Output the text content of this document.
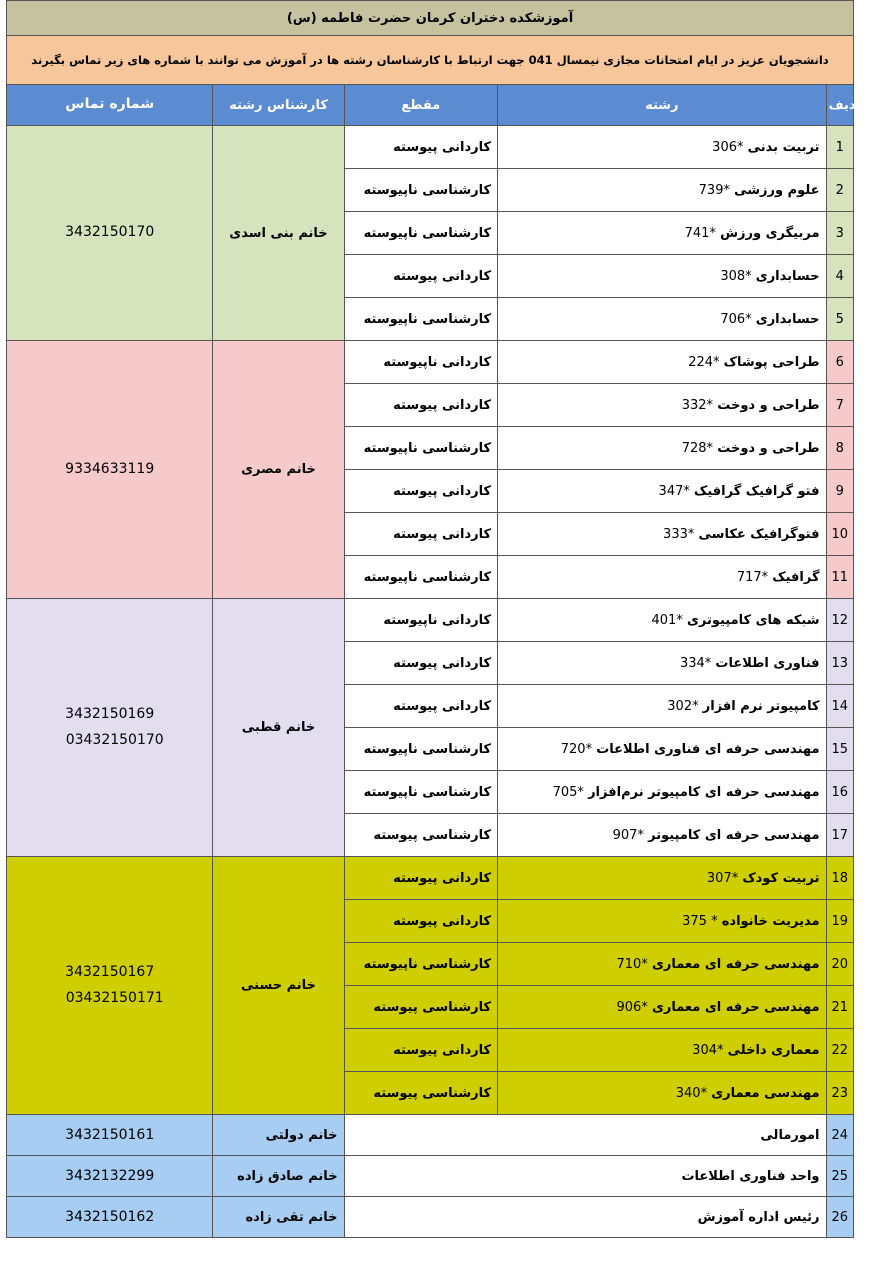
آموزشکده دختران کرمان حضرت فاطمه (س)
دانشجویان عزیز در ایام امتحانات مجازی نیمسال 041 جهت ارتباط با کارشناسان رشته ها در آموزش می توانند با شماره های زیر تماس بگیرند
شماره تماس	کارشناس رشته	مقطع	رشته	ردیف

3432150170	خانم بنی اسدی	کاردانی پیوسته	تربیت بدنی 306*	1
		کارشناسی ناپیوسته	علوم ورزشی 739*	2
		کارشناسی ناپیوسته	مربیگری ورزش 741*	3
		کاردانی پیوسته	حسابداری 308*	4
		کارشناسی ناپیوسته	حسابداری 706*	5

9334633119	خانم مصری	کاردانی ناپیوسته	طراحی پوشاک 224*	6
		کاردانی پیوسته	طراحی و دوخت 332*	7
		کارشناسی ناپیوسته	طراحی و دوخت 728*	8
		کاردانی پیوسته	فتو گرافیک گرافیک 347*	9
		کاردانی پیوسته	فتوگرافیک عکاسی 333*	10
		کارشناسی ناپیوسته	گرافیک 717*	11

3432150169
03432150170	خانم قطبی	کاردانی ناپیوسته	شبکه های کامپیوتری 401*	12
		کاردانی پیوسته	فناوری اطلاعات 334*	13
		کاردانی پیوسته	کامپیوتر نرم افزار 302*	14
		کارشناسی ناپیوسته	مهندسی حرفه ای فناوری اطلاعات 720*	15
		کارشناسی ناپیوسته	مهندسی حرفه ای کامپیوتر نرم‌افزار 705*	16
		کارشناسی پیوسته	مهندسی حرفه ای کامپیوتر 907*	17

3432150167
03432150171	خانم حسنی	کاردانی پیوسته	تربیت کودک 307*	18
		کاردانی پیوسته	مدیریت خانواده 375 *	19
		کارشناسی ناپیوسته	مهندسی حرفه ای معماری 710*	20
		کارشناسی پیوسته	مهندسی حرفه ای معماری 906*	21
		کاردانی پیوسته	معماری داخلی 304*	22
		کارشناسی پیوسته	مهندسی معماری 340*	23
3432150161	خانم دولتی	امورمالی		24
3432132299	خانم صادق زاده	واحد فناوری اطلاعات		25
3432150162	خانم تقی زاده	رئیس اداره آموزش		26
